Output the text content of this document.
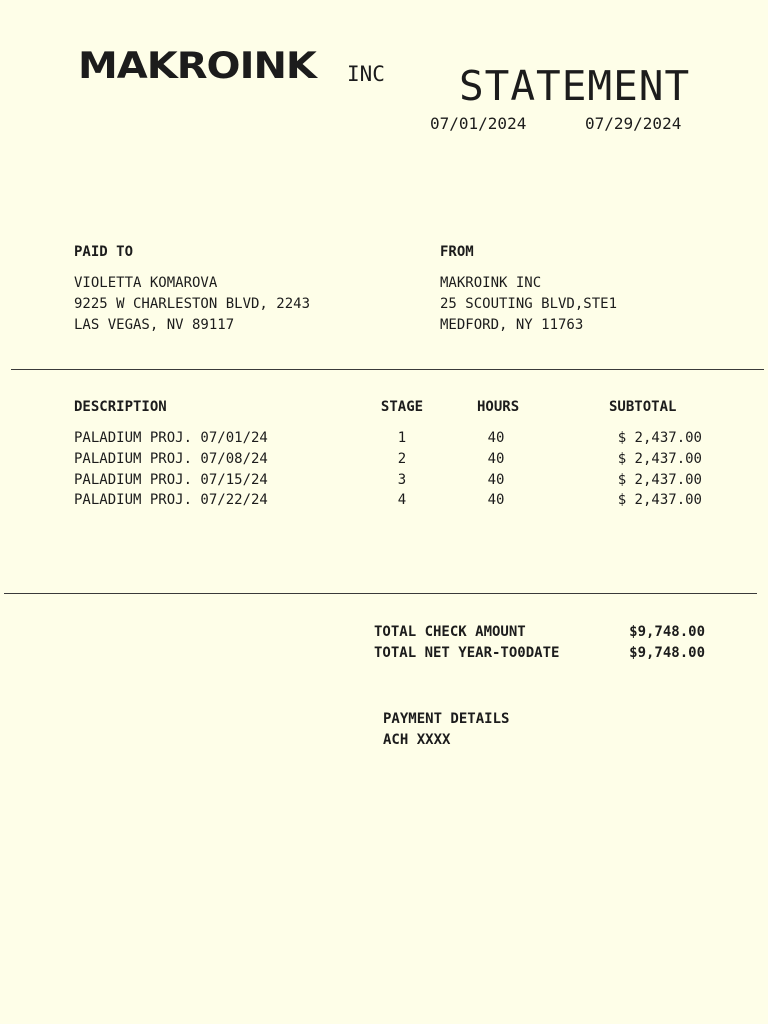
MAKROINK INC STATEMENT
07/01/2024	07/29/2024
PAID TO
VIOLETTA KOMAROVA
9225 W CHARLESTON BLVD, 2243
LAS VEGAS, NV 89117
FROM
MAKROINK INC
25 SCOUTING BLVD,STE1
MEDFORD, NY 11763
DESCRIPTION	STAGE	HOURS	SUBTOTAL
PALADIUM PROJ. 07/01/24	1	40	$ 2,437.00
PALADIUM PROJ. 07/08/24	2	40	$ 2,437.00
PALADIUM PROJ. 07/15/24	3	40	$ 2,437.00
PALADIUM PROJ. 07/22/24	4	40	$ 2,437.00
TOTAL CHECK AMOUNT	$9,748.00
TOTAL NET YEAR-TO0DATE	$9,748.00
PAYMENT DETAILS
ACH XXXX
